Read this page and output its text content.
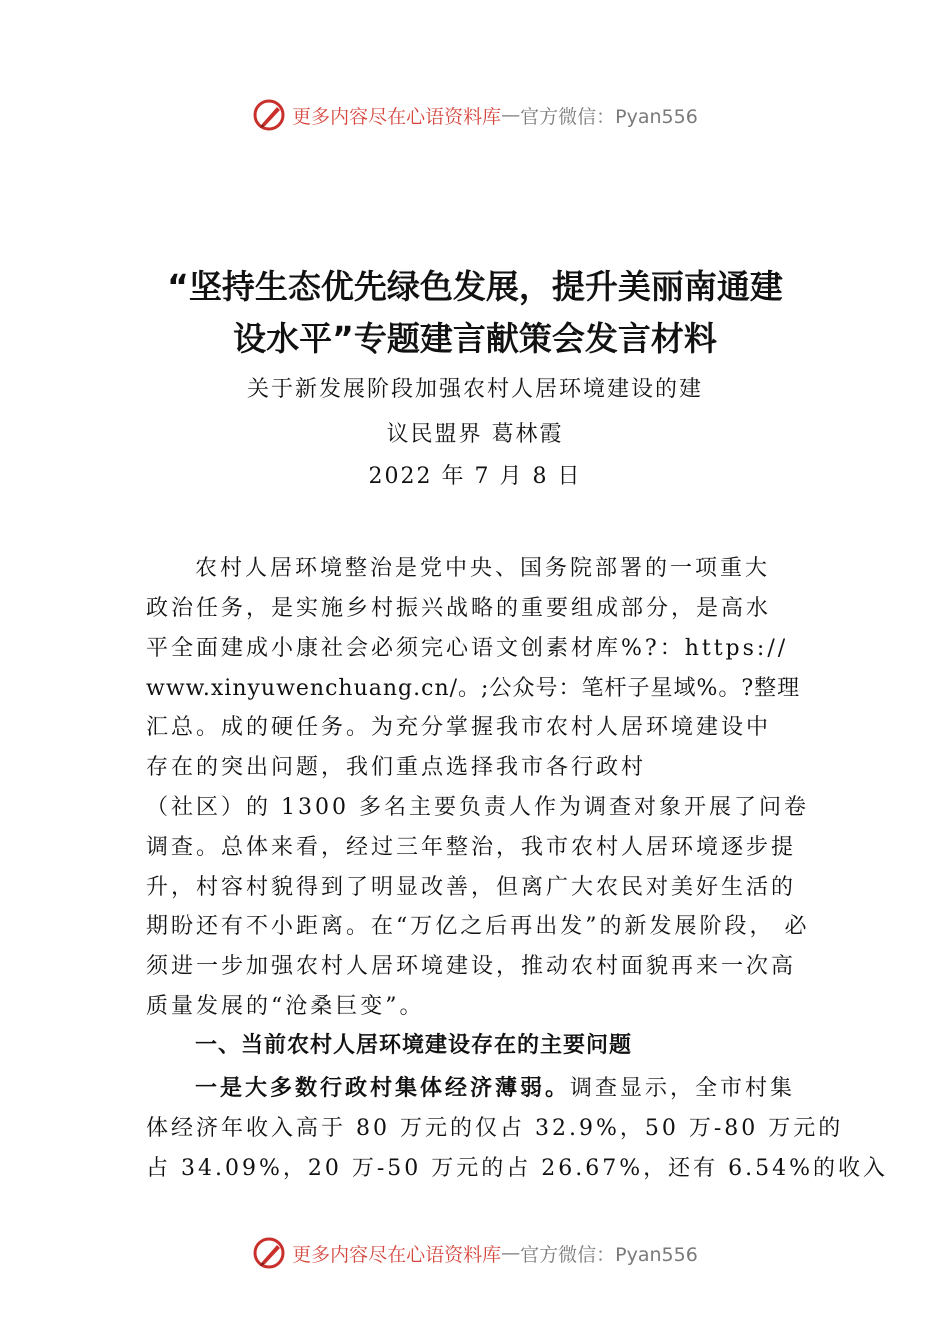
更多内容尽在心语资料库 — 官方微信：Pyan556
“坚持生态优先绿色发展，提升美丽南通建
设水平”专题建言献策会发言材料
关于新发展阶段加强农村人居环境建设的建
议民盟界 葛林霞
2022 年 7 月 8 日
农村人居环境整治是党中央、国务院部署的一项重大
政治任务，是实施乡村振兴战略的重要组成部分，是高水
平全面建成小康社会必须完心语文创素材库%?：https://
www.xinyuwenchuang.cn/。;公众号：笔杆子星域%。?整理
汇总。成的硬任务。为充分掌握我市农村人居环境建设中
存在的突出问题，我们重点选择我市各行政村
（社区）的 1300 多名主要负责人作为调查对象开展了问卷
调查。总体来看，经过三年整治，我市农村人居环境逐步提
升，村容村貌得到了明显改善，但离广大农民对美好生活的
期盼还有不小距离。在“万亿之后再出发”的新发展阶段， 必
须进一步加强农村人居环境建设，推动农村面貌再来一次高
质量发展的“沧桑巨变”。
一、当前农村人居环境建设存在的主要问题
一是大多数行政村集体经济薄弱。调查显示，全市村集
体经济年收入高于 80 万元的仅占 32.9%，50 万-80 万元的
占 34.09%，20 万-50 万元的占 26.67%，还有 6.54%的收入
更多内容尽在心语资料库 — 官方微信：Pyan556
